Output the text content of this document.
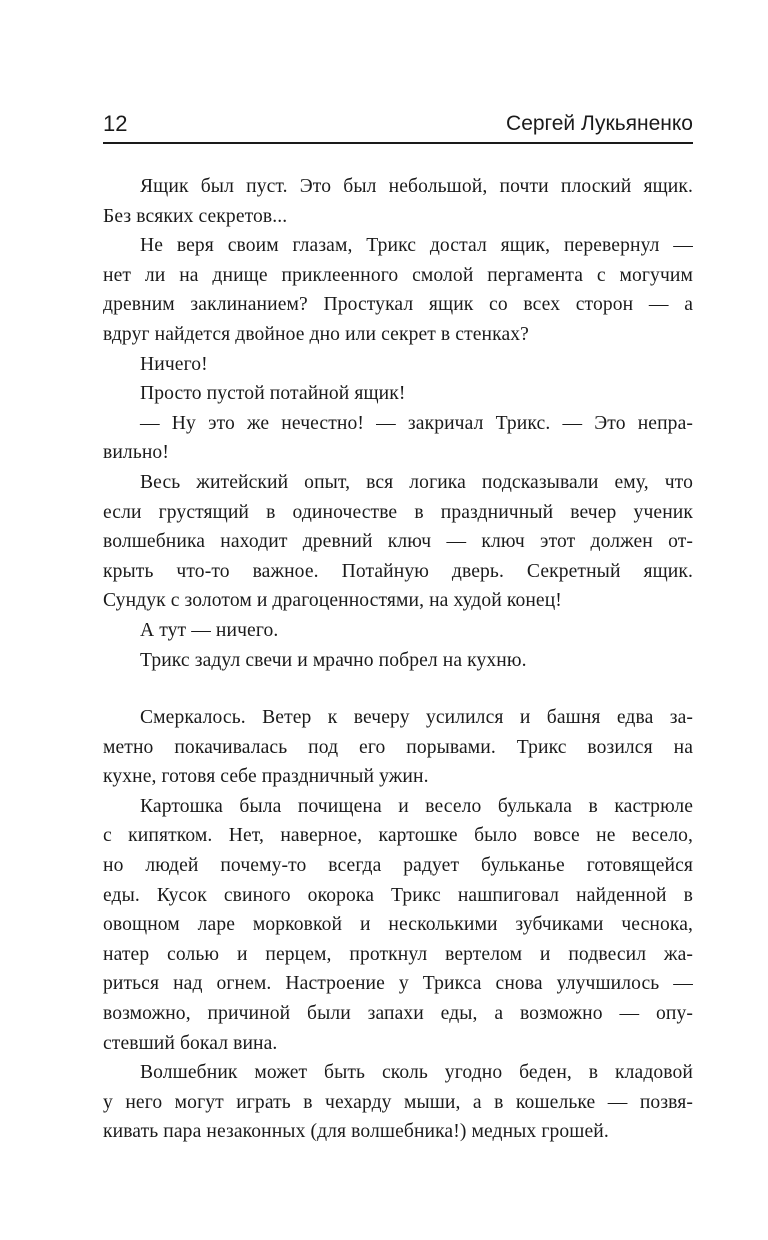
12	Сергей Лукьяненко
Ящик был пуст. Это был небольшой, почти плоский ящик.
Без всяких секретов...
Не веря своим глазам, Трикс достал ящик, перевернул —
нет ли на днище приклеенного смолой пергамента с могучим
древним заклинанием? Простукал ящик со всех сторон — а
вдруг найдется двойное дно или секрет в стенках?
Ничего!
Просто пустой потайной ящик!
— Ну это же нечестно! — закричал Трикс. — Это непра-
вильно!
Весь житейский опыт, вся логика подсказывали ему, что
если грустящий в одиночестве в праздничный вечер ученик
волшебника находит древний ключ — ключ этот должен от-
крыть что-то важное. Потайную дверь. Секретный ящик.
Сундук с золотом и драгоценностями, на худой конец!
А тут — ничего.
Трикс задул свечи и мрачно побрел на кухню.
Смеркалось. Ветер к вечеру усилился и башня едва за-
метно покачивалась под его порывами. Трикс возился на
кухне, готовя себе праздничный ужин.
Картошка была почищена и весело булькала в кастрюле
с кипятком. Нет, наверное, картошке было вовсе не весело,
но людей почему-то всегда радует бульканье готовящейся
еды. Кусок свиного окорока Трикс нашпиговал найденной в
овощном ларе морковкой и несколькими зубчиками чеснока,
натер солью и перцем, проткнул вертелом и подвесил жа-
риться над огнем. Настроение у Трикса снова улучшилось —
возможно, причиной были запахи еды, а возможно — опу-
стевший бокал вина.
Волшебник может быть сколь угодно беден, в кладовой
у него могут играть в чехарду мыши, а в кошельке — позвя-
кивать пара незаконных (для волшебника!) медных грошей.
